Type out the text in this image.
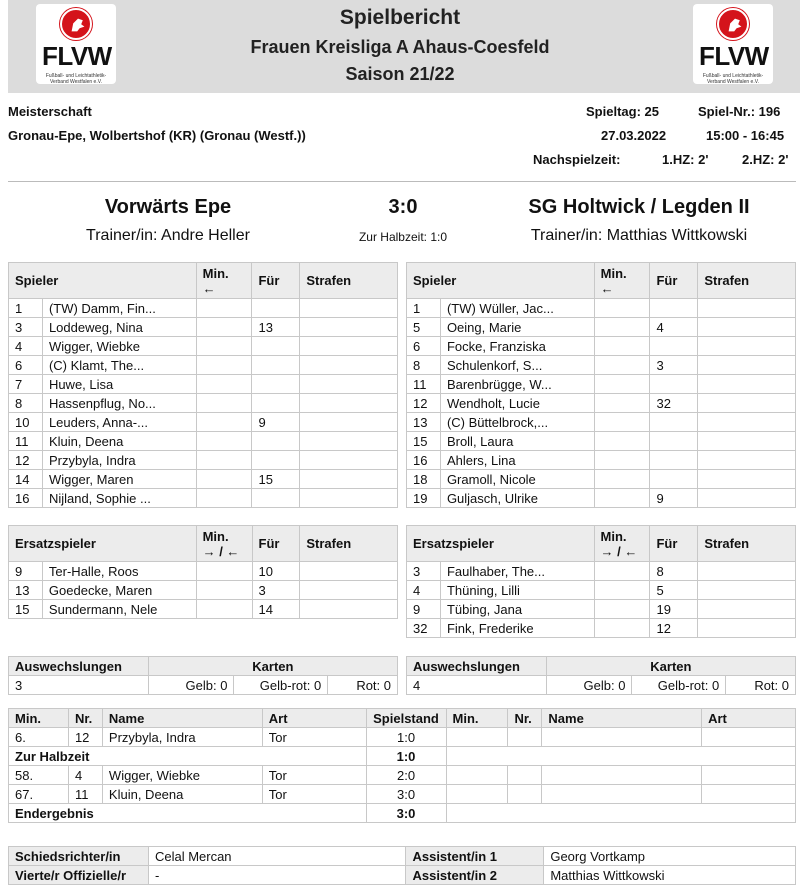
FLVW
Fußball- und Leichtathletik-Verband Westfalen e.V.
FLVW
Fußball- und Leichtathletik-Verband Westfalen e.V.
Spielbericht
Frauen Kreisliga A Ahaus-Coesfeld
Saison 21/22
Meisterschaft
Gronau-Epe, Wolbertshof (KR) (Gronau (Westf.))
Spieltag: 25	Spiel-Nr.: 196
27.03.2022	15:00 - 16:45
Nachspielzeit:	1.HZ: 2'	2.HZ: 2'
Vorwärts Epe	3:0	SG Holtwick / Legden II
Trainer/in: Andre Heller	Zur Halbzeit: 1:0	Trainer/in: Matthias Wittkowski
Spieler		Min.
←	Für	Strafen
1	(TW) Damm, Fin...			
3	Loddeweg, Nina		13	
4	Wigger, Wiebke			
6	(C) Klamt, The...			
7	Huwe, Lisa			
8	Hassenpflug, No...			
10	Leuders, Anna-...		9	
11	Kluin, Deena			
12	Przybyla, Indra			
14	Wigger, Maren		15	
16	Nijland, Sophie ...			
Spieler		Min.
←	Für	Strafen
1	(TW) Wüller, Jac...			
5	Oeing, Marie		4	
6	Focke, Franziska			
8	Schulenkorf, S...		3	
11	Barenbrügge, W...			
12	Wendholt, Lucie		32	
13	(C) Büttelbrock,...			
15	Broll, Laura			
16	Ahlers, Lina			
18	Gramoll, Nicole			
19	Guljasch, Ulrike		9	
Ersatzspieler		Min.
→ / ←	Für	Strafen
9	Ter-Halle, Roos		10	
13	Goedecke, Maren		3	
15	Sundermann, Nele		14	
Ersatzspieler		Min.
→ / ←	Für	Strafen
3	Faulhaber, The...		8	
4	Thüning, Lilli		5	
9	Tübing, Jana		19	
32	Fink, Frederike		12	
Auswechslungen	Karten		
3	Gelb: 0	Gelb-rot: 0	Rot: 0
Auswechslungen	Karten		
4	Gelb: 0	Gelb-rot: 0	Rot: 0
Min.	Nr.	Name	Art	Spielstand	Min.	Nr.	Name	Art
6.	12	Przybyla, Indra	Tor	1:0				
Zur Halbzeit				1:0				
58.	4	Wigger, Wiebke	Tor	2:0				
67.	11	Kluin, Deena	Tor	3:0				
Endergebnis				3:0				
Schiedsrichter/in	Celal Mercan	Assistent/in 1	Georg Vortkamp
Vierte/r Offizielle/r	-	Assistent/in 2	Matthias Wittkowski
